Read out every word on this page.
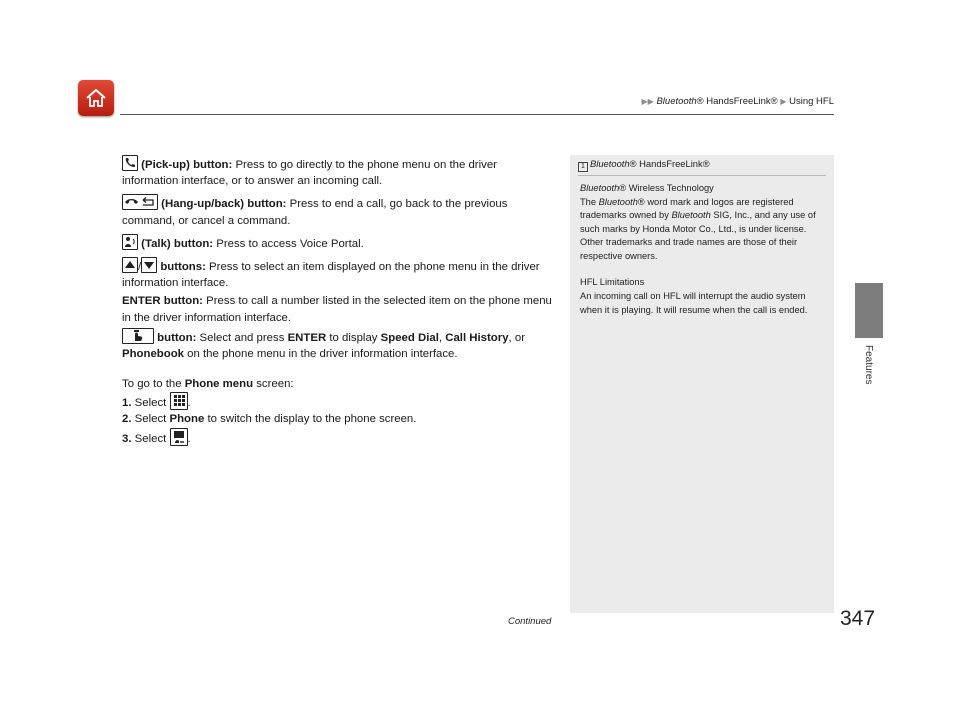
▶▶ Bluetooth® HandsFreeLink® ▶ Using HFL
Features

(Pick-up) button: Press to go directly to the phone menu on the driver information interface, or to answer an incoming call.

(Hang-up/back) button: Press to end a call, go back to the previous command, or cancel a command.

(Talk) button: Press to access Voice Portal.

/ buttons: Press to select an item displayed on the phone menu in the driver information interface.

ENTER button: Press to call a number listed in the selected item on the phone menu in the driver information interface.

button: Select and press ENTER to display Speed Dial, Call History, or Phonebook on the phone menu in the driver information interface.

To go to the Phone menu screen:

1. Select
.

2. Select Phone to switch the display to the phone screen.

3. Select
.

1 Bluetooth® HandsFreeLink®

Bluetooth® Wireless Technology

The Bluetooth® word mark and logos are registered trademarks owned by Bluetooth SIG, Inc., and any use of such marks by Honda Motor Co., Ltd., is under license. Other trademarks and trade names are those of their respective owners.

HFL Limitations

An incoming call on HFL will interrupt the audio system when it is playing. It will resume when the call is ended.

Continued	347
